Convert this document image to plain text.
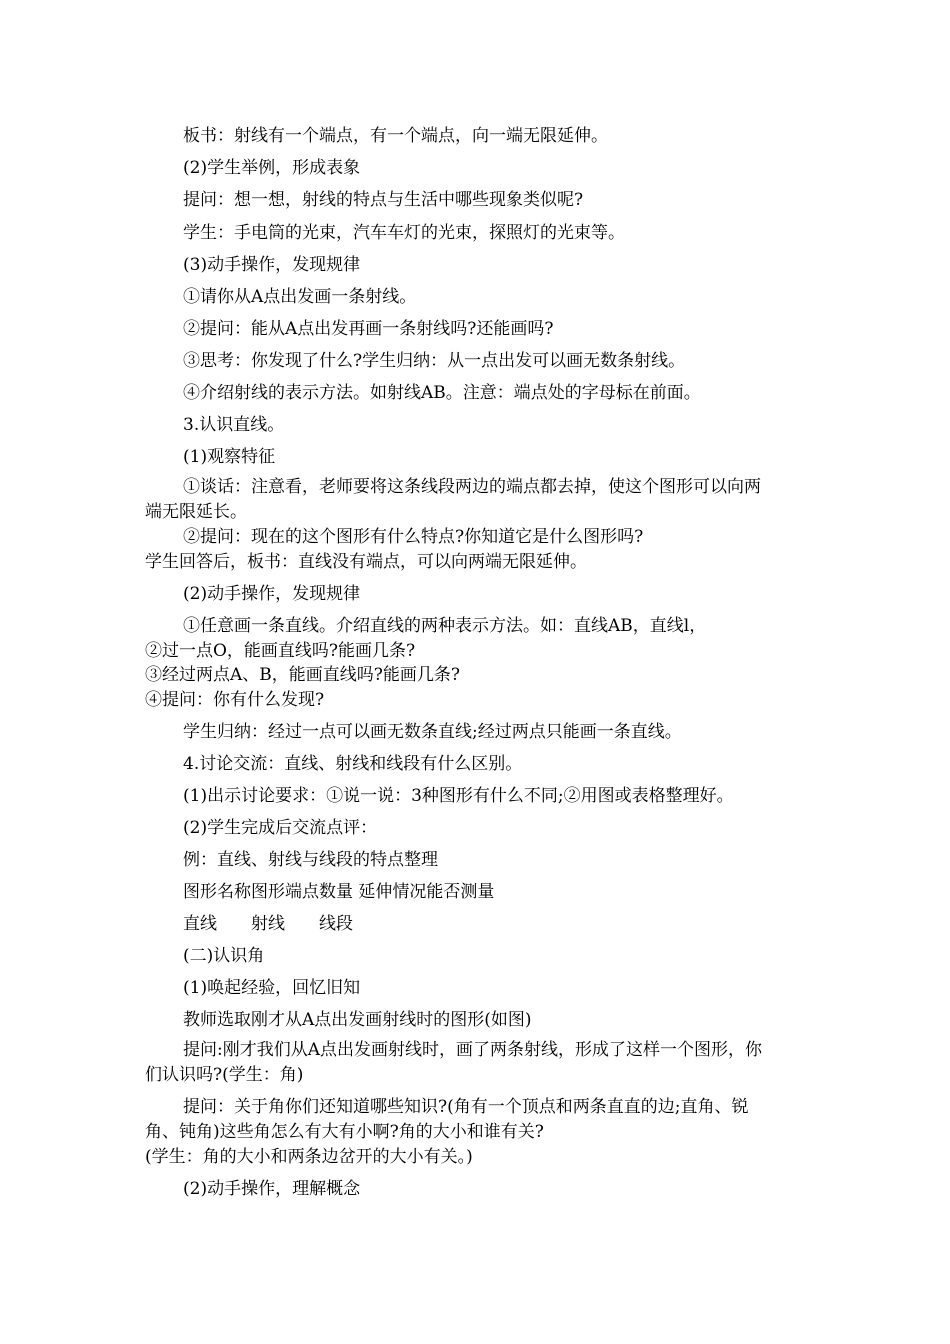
板书：射线有一个端点，有一个端点，向一端无限延伸。
(2)学生举例，形成表象
提问：想一想，射线的特点与生活中哪些现象类似呢?
学生：手电筒的光束，汽车车灯的光束，探照灯的光束等。
(3)动手操作，发现规律
①请你从A点出发画一条射线。
②提问：能从A点出发再画一条射线吗?还能画吗?
③思考：你发现了什么?学生归纳：从一点出发可以画无数条射线。
④介绍射线的表示方法。如射线AB。注意：端点处的字母标在前面。
3.认识直线。
(1)观察特征
①谈话：注意看，老师要将这条线段两边的端点都去掉，使这个图形可以向两端无限延长。
②提问：现在的这个图形有什么特点?你知道它是什么图形吗?
学生回答后，板书：直线没有端点，可以向两端无限延伸。
(2)动手操作，发现规律
①任意画一条直线。介绍直线的两种表示方法。如：直线AB，直线l，
②过一点O，能画直线吗?能画几条?
③经过两点A、B，能画直线吗?能画几条?
④提问：你有什么发现?
学生归纳：经过一点可以画无数条直线;经过两点只能画一条直线。
4.讨论交流：直线、射线和线段有什么区别。
(1)出示讨论要求：①说一说：3种图形有什么不同;②用图或表格整理好。
(2)学生完成后交流点评：
例：直线、射线与线段的特点整理
图形名称图形端点数量 延伸情况能否测量
直线　　射线　　线段
(二)认识角
(1)唤起经验，回忆旧知
教师选取刚才从A点出发画射线时的图形(如图)
提问:刚才我们从A点出发画射线时，画了两条射线，形成了这样一个图形，你们认识吗?(学生：角)
提问：关于角你们还知道哪些知识?(角有一个顶点和两条直直的边;直角、锐角、钝角)这些角怎么有大有小啊?角的大小和谁有关?
(学生：角的大小和两条边岔开的大小有关。)
(2)动手操作，理解概念
